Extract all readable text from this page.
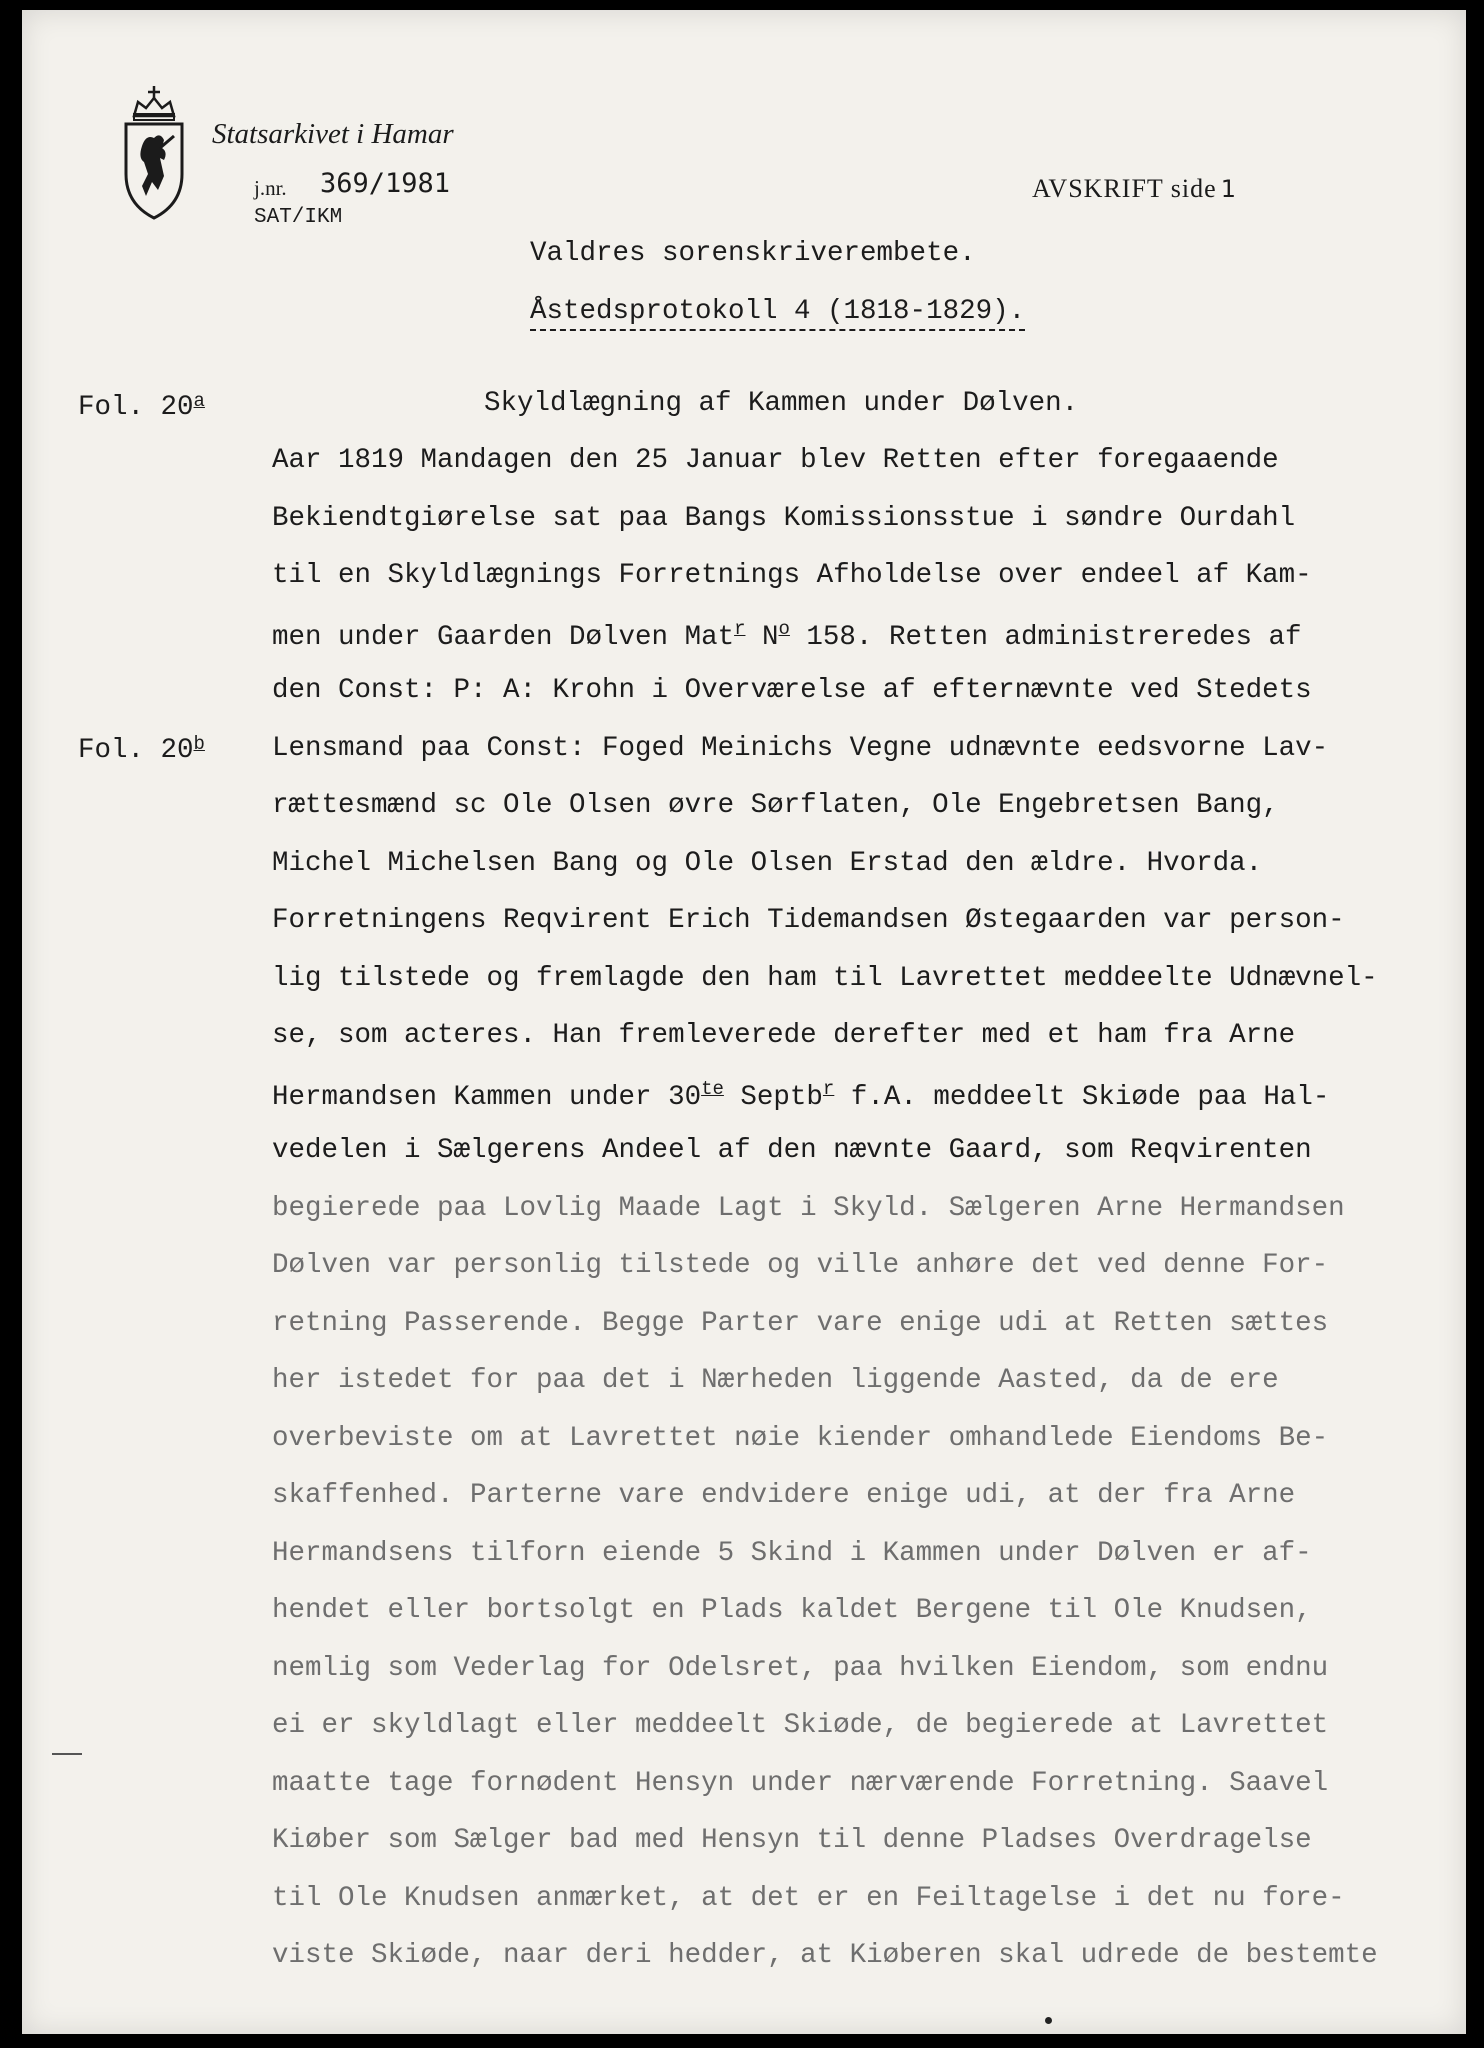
Statsarkivet i Hamar
j.nr. 369/1981
SAT/IKM
AVSKRIFT side 1
Valdres sorenskriverembete.
Åstedsprotokoll 4 (1818-1829).
Fol. 20$^a$	Skyldlægning af Kammen under Dølven.
Aar 1819 Mandagen den 25 Januar blev Retten efter foregaaende
Bekiendtgiørelse sat paa Bangs Komissionsstue i søndre Ourdahl
til en Skyldlægnings Forretnings Afholdelse over endeel af Kam-
men under Gaarden Dølven Mat$^r$ $N^o$ 158. Retten administreredes af
den Const: P: A: Krohn i Overværelse af efternævnte ved Stedets
Fol. 20$^b$ Lensmand paa Const: Foged Meinichs Vegne udnævnte eedsvorne Lav-
rættesmænd sc Ole Olsen øvre Sørflaten, Ole Engebretsen Bang,
Michel Michelsen Bang og Ole Olsen Erstad den ældre. Hvorda.
Forretningens Reqvirent Erich Tidemandsen Østegaarden var person-
lig tilstede og fremlagde den ham til Lavrettet meddeelte Udnævnel-
se, som acteres. Han fremleverede derefter med et ham fra Arne
Hermandsen Kammen under $30^{te}$ Septb$^r$ f.A. meddeelt Skiøde paa Hal-
vedelen i Sælgerens Andeel af den nævnte Gaard, som Reqvirenten
begierede paa Lovlig Maade Lagt i Skyld. Sælgeren Arne Hermandsen
Dølven var personlig tilstede og ville anhøre det ved denne For-
retning Passerende. Begge Parter vare enige udi at Retten sættes
her istedet for paa det i Nærheden liggende Aasted, da de ere
overbeviste om at Lavrettet nøie kiender omhandlede Eiendoms Be-
skaffenhed. Parterne vare endvidere enige udi, at der fra Arne
Hermandsens tilforn eiende 5 Skind i Kammen under Dølven er af-
hendet eller bortsolgt en Plads kaldet Bergene til Ole Knudsen,
nemlig som Vederlag for Odelsret, paa hvilken Eiendom, som endnu
ei er skyldlagt eller meddeelt Skiøde, de begierede at Lavrettet
maatte tage fornødent Hensyn under nærværende Forretning. Saavel
Kiøber som Sælger bad med Hensyn til denne Pladses Overdragelse
til Ole Knudsen anmærket, at det er en Feiltagelse i det nu fore-
viste Skiøde, naar deri hedder, at Kiøberen skal udrede de bestemte
